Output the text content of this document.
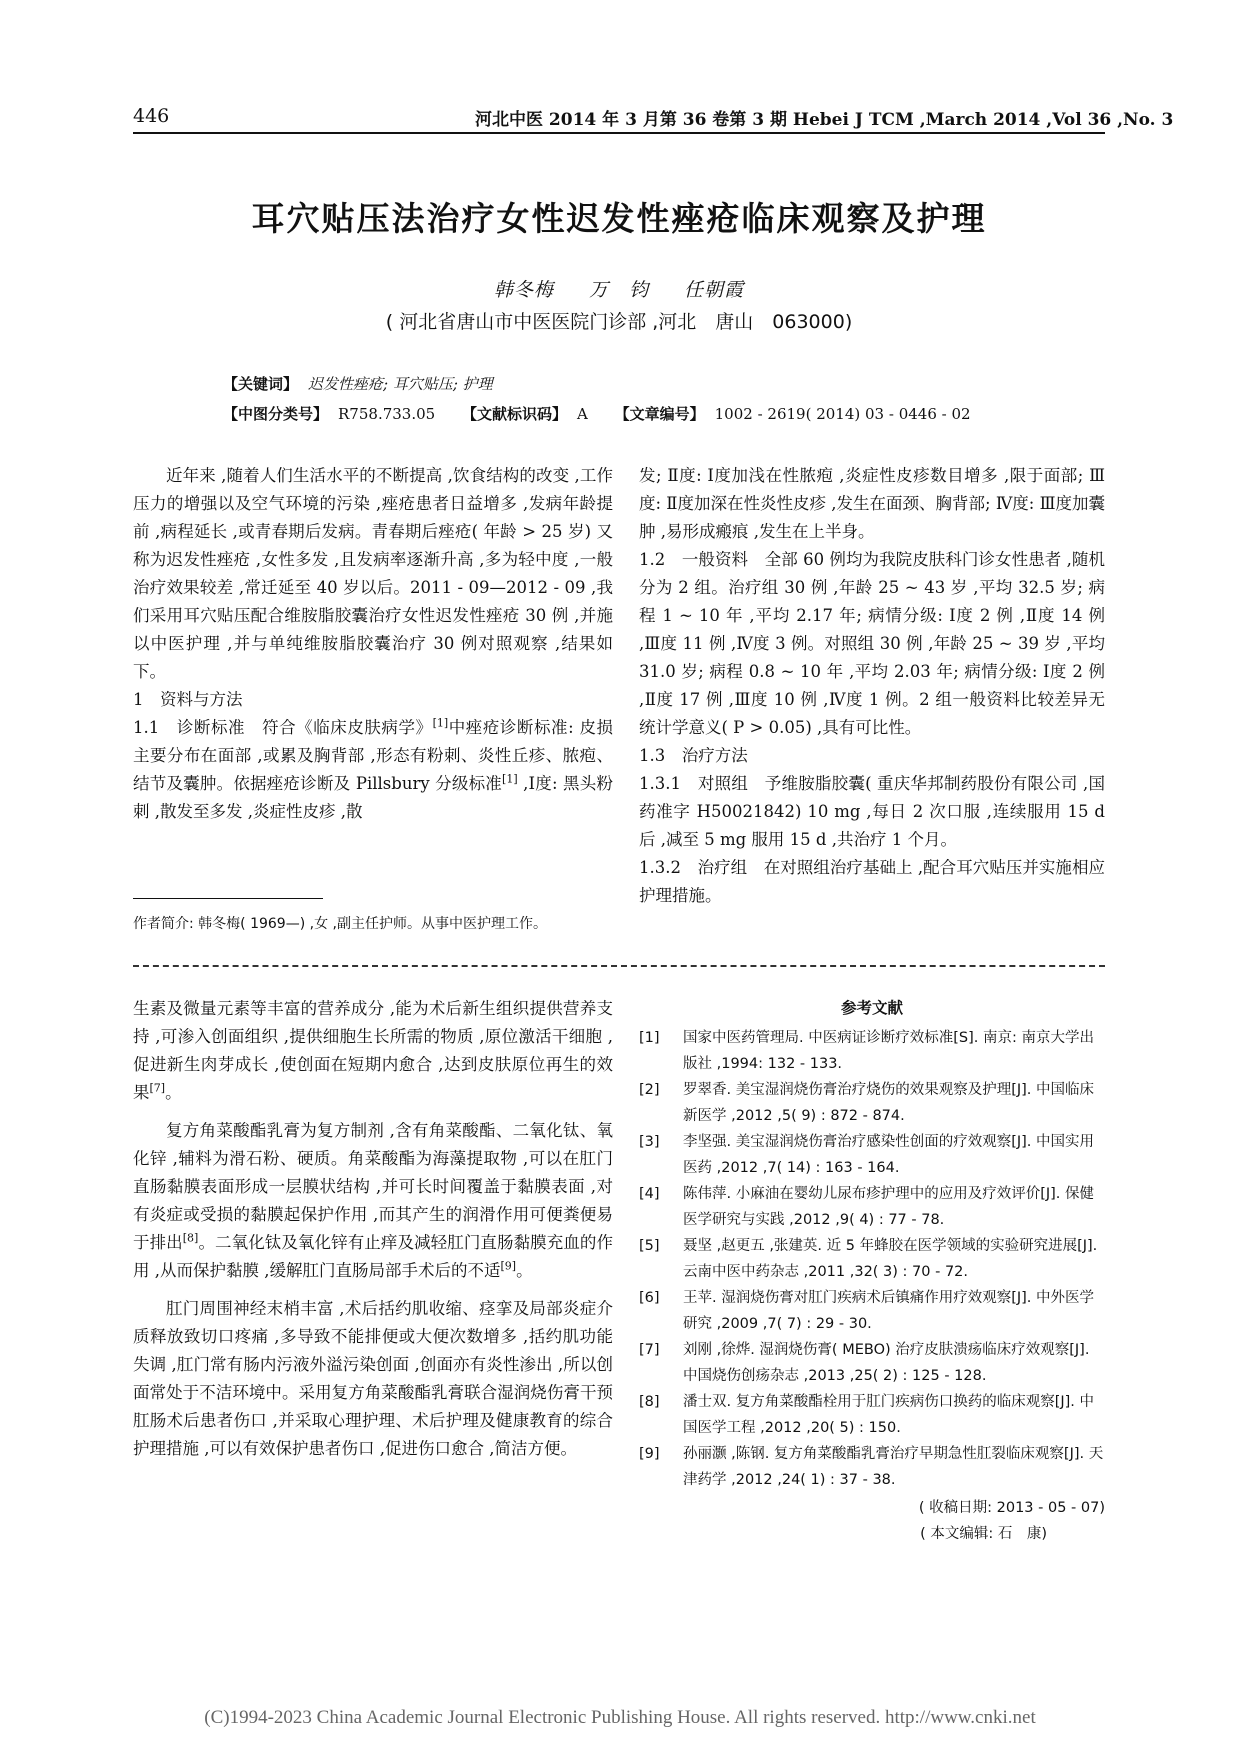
446	河北中医 2014 年 3 月第 36 卷第 3 期 Hebei J TCM ,March 2014 ,Vol 36 ,No. 3
耳穴贴压法治疗女性迟发性痤疮临床观察及护理
韩冬梅 万　钧 任朝霞
( 河北省唐山市中医医院门诊部 ,河北　唐山　063000)
【关键词】 迟发性痤疮; 耳穴贴压; 护理
【中图分类号】 R758.733.05 【文献标识码】 A 【文章编号】 1002 - 2619( 2014) 03 - 0446 - 02

近年来 ,随着人们生活水平的不断提高 ,饮食结构的改变 ,工作压力的增强以及空气环境的污染 ,痤疮患者日益增多 ,发病年龄提前 ,病程延长 ,或青春期后发病。青春期后痤疮( 年龄 > 25 岁) 又称为迟发性痤疮 ,女性多发 ,且发病率逐渐升高 ,多为轻中度 ,一般治疗效果较差 ,常迁延至 40 岁以后。2011 - 09—2012 - 09 ,我们采用耳穴贴压配合维胺脂胶囊治疗女性迟发性痤疮 30 例 ,并施以中医护理 ,并与单纯维胺脂胶囊治疗 30 例对照观察 ,结果如下。

1　资料与方法

1.1　诊断标准　符合《临床皮肤病学》[1]中痤疮诊断标准: 皮损主要分布在面部 ,或累及胸背部 ,形态有粉刺、炎性丘疹、脓疱、结节及囊肿。依据痤疮诊断及 Pillsbury 分级标准[1] ,Ⅰ度: 黑头粉刺 ,散发至多发 ,炎症性皮疹 ,散

作者简介: 韩冬梅( 1969—) ,女 ,副主任护师。从事中医护理工作。

发; Ⅱ度: Ⅰ度加浅在性脓疱 ,炎症性皮疹数目增多 ,限于面部; Ⅲ度: Ⅱ度加深在性炎性皮疹 ,发生在面颈、胸背部; Ⅳ度: Ⅲ度加囊肿 ,易形成瘢痕 ,发生在上半身。

1.2　一般资料　全部 60 例均为我院皮肤科门诊女性患者 ,随机分为 2 组。治疗组 30 例 ,年龄 25 ~ 43 岁 ,平均 32.5 岁; 病程 1 ~ 10 年 ,平均 2.17 年; 病情分级: Ⅰ度 2 例 ,Ⅱ度 14 例 ,Ⅲ度 11 例 ,Ⅳ度 3 例。对照组 30 例 ,年龄 25 ~ 39 岁 ,平均 31.0 岁; 病程 0.8 ~ 10 年 ,平均 2.03 年; 病情分级: Ⅰ度 2 例 ,Ⅱ度 17 例 ,Ⅲ度 10 例 ,Ⅳ度 1 例。2 组一般资料比较差异无统计学意义( P > 0.05) ,具有可比性。

1.3　治疗方法

1.3.1　对照组　予维胺脂胶囊( 重庆华邦制药股份有限公司 ,国药准字 H50021842) 10 mg ,每日 2 次口服 ,连续服用 15 d 后 ,减至 5 mg 服用 15 d ,共治疗 1 个月。

1.3.2　治疗组　在对照组治疗基础上 ,配合耳穴贴压并实施相应护理措施。

生素及微量元素等丰富的营养成分 ,能为术后新生组织提供营养支持 ,可渗入创面组织 ,提供细胞生长所需的物质 ,原位激活干细胞 ,促进新生肉芽成长 ,使创面在短期内愈合 ,达到皮肤原位再生的效果[7]。

复方角菜酸酯乳膏为复方制剂 ,含有角菜酸酯、二氧化钛、氧化锌 ,辅料为滑石粉、硬质。角菜酸酯为海藻提取物 ,可以在肛门直肠黏膜表面形成一层膜状结构 ,并可长时间覆盖于黏膜表面 ,对有炎症或受损的黏膜起保护作用 ,而其产生的润滑作用可便粪便易于排出[8]。二氧化钛及氧化锌有止痒及减轻肛门直肠黏膜充血的作用 ,从而保护黏膜 ,缓解肛门直肠局部手术后的不适[9]。

肛门周围神经末梢丰富 ,术后括约肌收缩、痉挛及局部炎症介质释放致切口疼痛 ,多导致不能排便或大便次数增多 ,括约肌功能失调 ,肛门常有肠内污液外溢污染创面 ,创面亦有炎性渗出 ,所以创面常处于不洁环境中。采用复方角菜酸酯乳膏联合湿润烧伤膏干预肛肠术后患者伤口 ,并采取心理护理、术后护理及健康教育的综合护理措施 ,可以有效保护患者伤口 ,促进伤口愈合 ,简洁方便。

参考文献
[1]	国家中医药管理局. 中医病证诊断疗效标准[S]. 南京: 南京大学出版社 ,1994: 132 - 133.
[2]	罗翠香. 美宝湿润烧伤膏治疗烧伤的效果观察及护理[J]. 中国临床新医学 ,2012 ,5( 9) : 872 - 874.
[3]	李坚强. 美宝湿润烧伤膏治疗感染性创面的疗效观察[J]. 中国实用医药 ,2012 ,7( 14) : 163 - 164.
[4]	陈伟萍. 小麻油在婴幼儿尿布疹护理中的应用及疗效评价[J]. 保健医学研究与实践 ,2012 ,9( 4) : 77 - 78.
[5]	聂坚 ,赵更五 ,张建英. 近 5 年蜂胶在医学领域的实验研究进展[J]. 云南中医中药杂志 ,2011 ,32( 3) : 70 - 72.
[6]	王苹. 湿润烧伤膏对肛门疾病术后镇痛作用疗效观察[J]. 中外医学研究 ,2009 ,7( 7) : 29 - 30.
[7]	刘刚 ,徐烨. 湿润烧伤膏( MEBO) 治疗皮肤溃疡临床疗效观察[J]. 中国烧伤创疡杂志 ,2013 ,25( 2) : 125 - 128.
[8]	潘士双. 复方角菜酸酯栓用于肛门疾病伤口换药的临床观察[J]. 中国医学工程 ,2012 ,20( 5) : 150.
[9]	孙丽灏 ,陈钢. 复方角菜酸酯乳膏治疗早期急性肛裂临床观察[J]. 天津药学 ,2012 ,24( 1) : 37 - 38.
( 收稿日期: 2013 - 05 - 07)
( 本文编辑: 石　康)
(C)1994-2023 China Academic Journal Electronic Publishing House. All rights reserved. http://www.cnki.net
